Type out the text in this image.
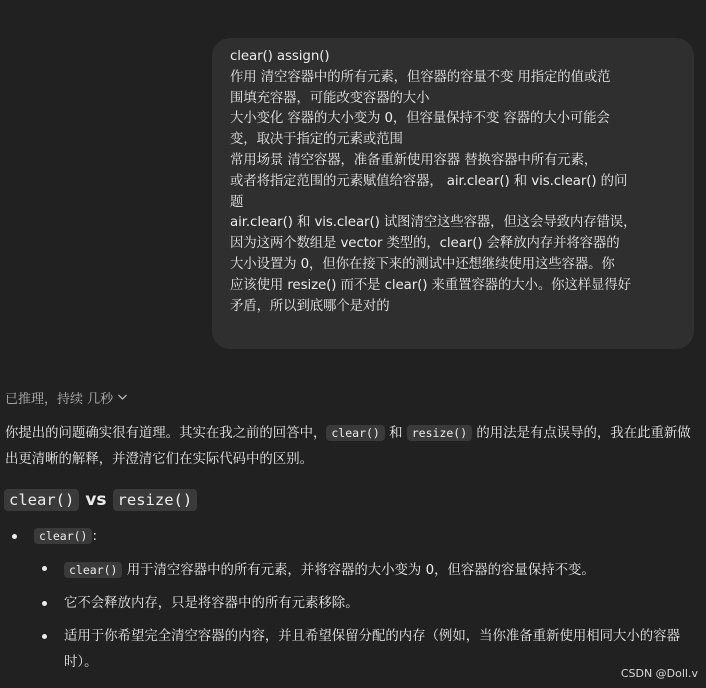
clear() assign()

作用 清空容器中的所有元素，但容器的容量不变 用指定的值或范

围填充容器，可能改变容器的大小

大小变化 容器的大小变为 0，但容量保持不变 容器的大小可能会

变，取决于指定的元素或范围

常用场景 清空容器，准备重新使用容器 替换容器中所有元素，

或者将指定范围的元素赋值给容器， air.clear() 和 vis.clear() 的问

题

air.clear() 和 vis.clear() 试图清空这些容器，但这会导致内存错误，

因为这两个数组是 vector 类型的，clear() 会释放内存并将容器的

大小设置为 0，但你在接下来的测试中还想继续使用这些容器。你

应该使用 resize() 而不是 clear() 来重置容器的大小。你这样显得好

矛盾，所以到底哪个是对的

已推理，持续 几秒

你提出的问题确实很有道理。其实在我之前的回答中， clear() 和 resize() 的用法是有点误导的，我在此重新做出更清晰的解释，并澄清它们在实际代码中的区别。

clear() vs resize()
clear() :

clear() 用于清空容器中的所有元素，并将容器的大小变为 0，但容器的容量保持不变。

它不会释放内存，只是将容器中的所有元素移除。

适用于你希望完全清空容器的内容，并且希望保留分配的内存（例如，当你准备重新使用相同大小的容器时）。

CSDN @Doll.v
